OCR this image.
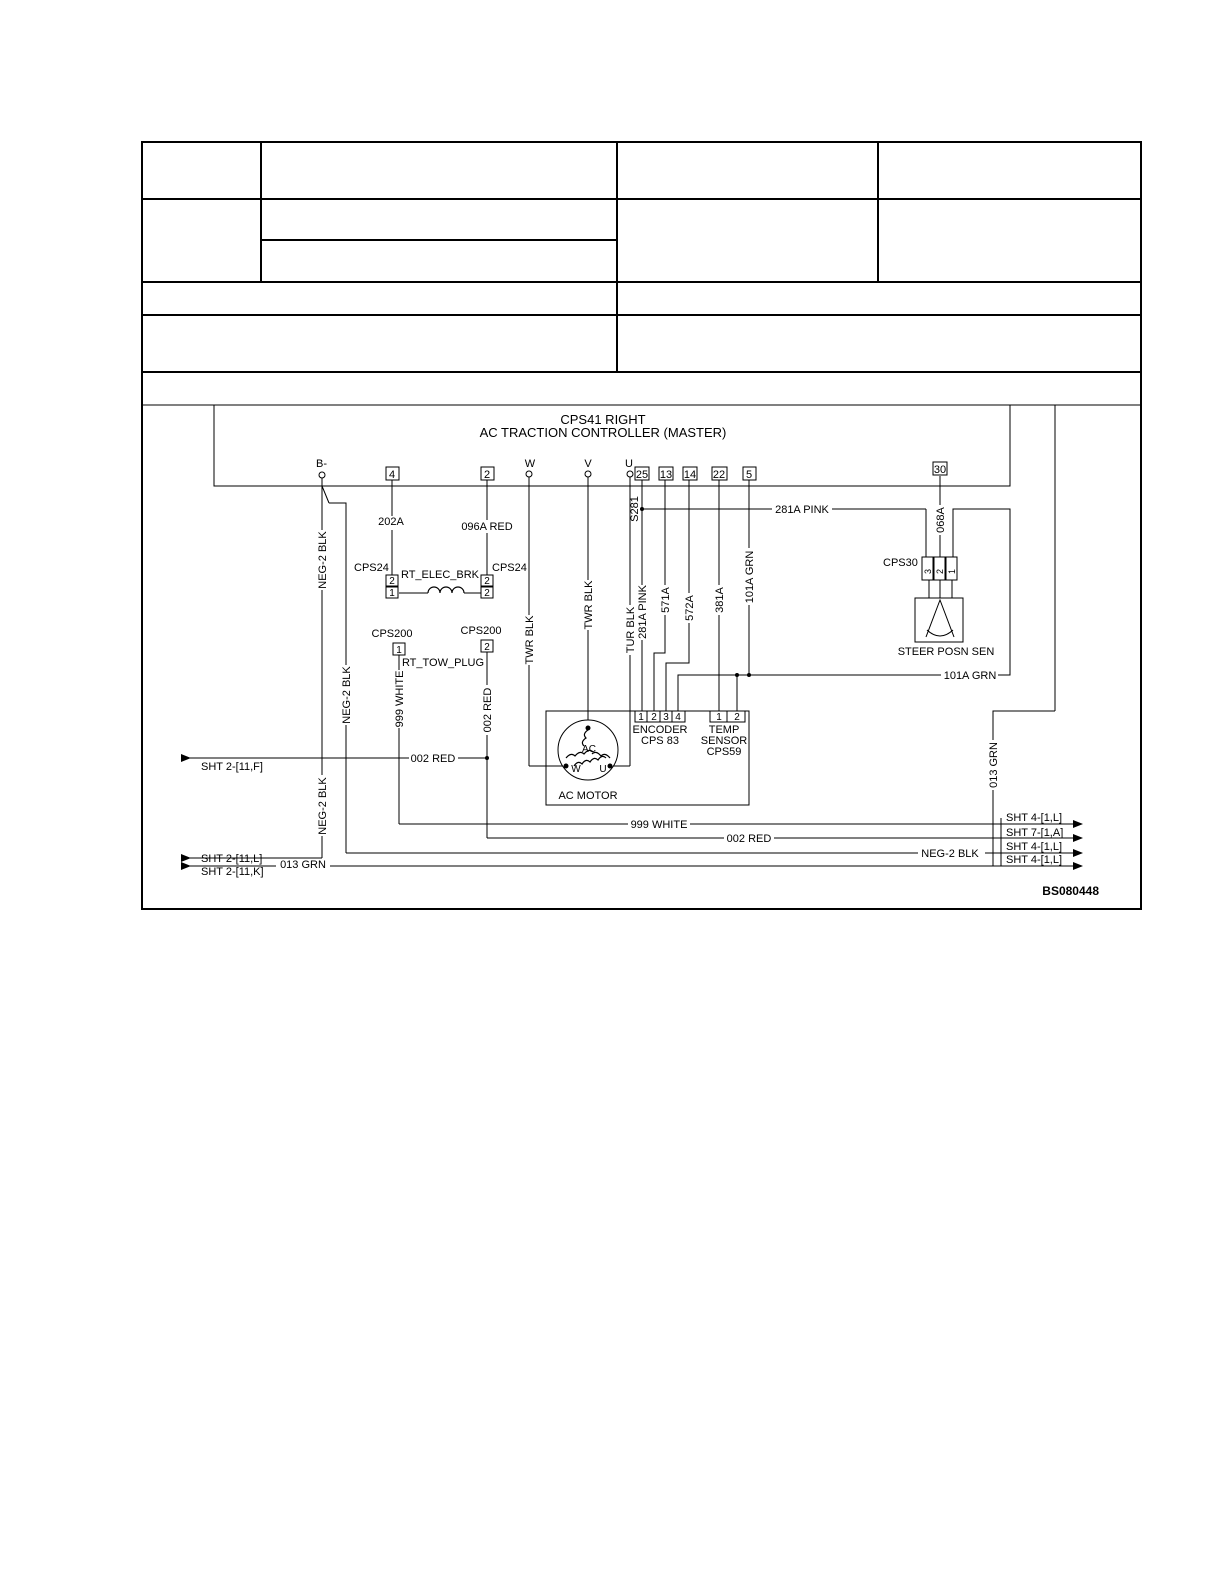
CPS41 RIGHT
AC TRACTION CONTROLLER (MASTER)
B-
4	2
W	V	U
25 13 14 22 5	30
202A	096A RED
281A PINK
101A GRN
002 RED
999 WHITE
002 RED
NEG-2 BLK
013 GRN
CPS24	CPS24
RT_ELEC_BRK
CPS200	CPS200
RT_TOW_PLUG
CPS30
STEER POSN SEN
ENCODER
CPS 83
TEMP
SENSOR
CPS59
AC MOTOR
AC
W U
2
1
2
2
1	2
1 2 3 4	1 2
SHT 2-[11,F]
SHT 2-[11,L]
SHT 2-[11,K]
SHT 4-[1,L]
SHT 7-[1,A]
SHT 4-[1,L]
SHT 4-[1,L]
BS080448
NEG-2 BLK
NEG-2 BLK
NEG-2 BLK
999 WHITE	002 RED
TWR BLK
TWR BLK
TUR BLK
S281
281A PINK 571A 572A 381A 101A GRN
068A
013 GRN
3 2 1
